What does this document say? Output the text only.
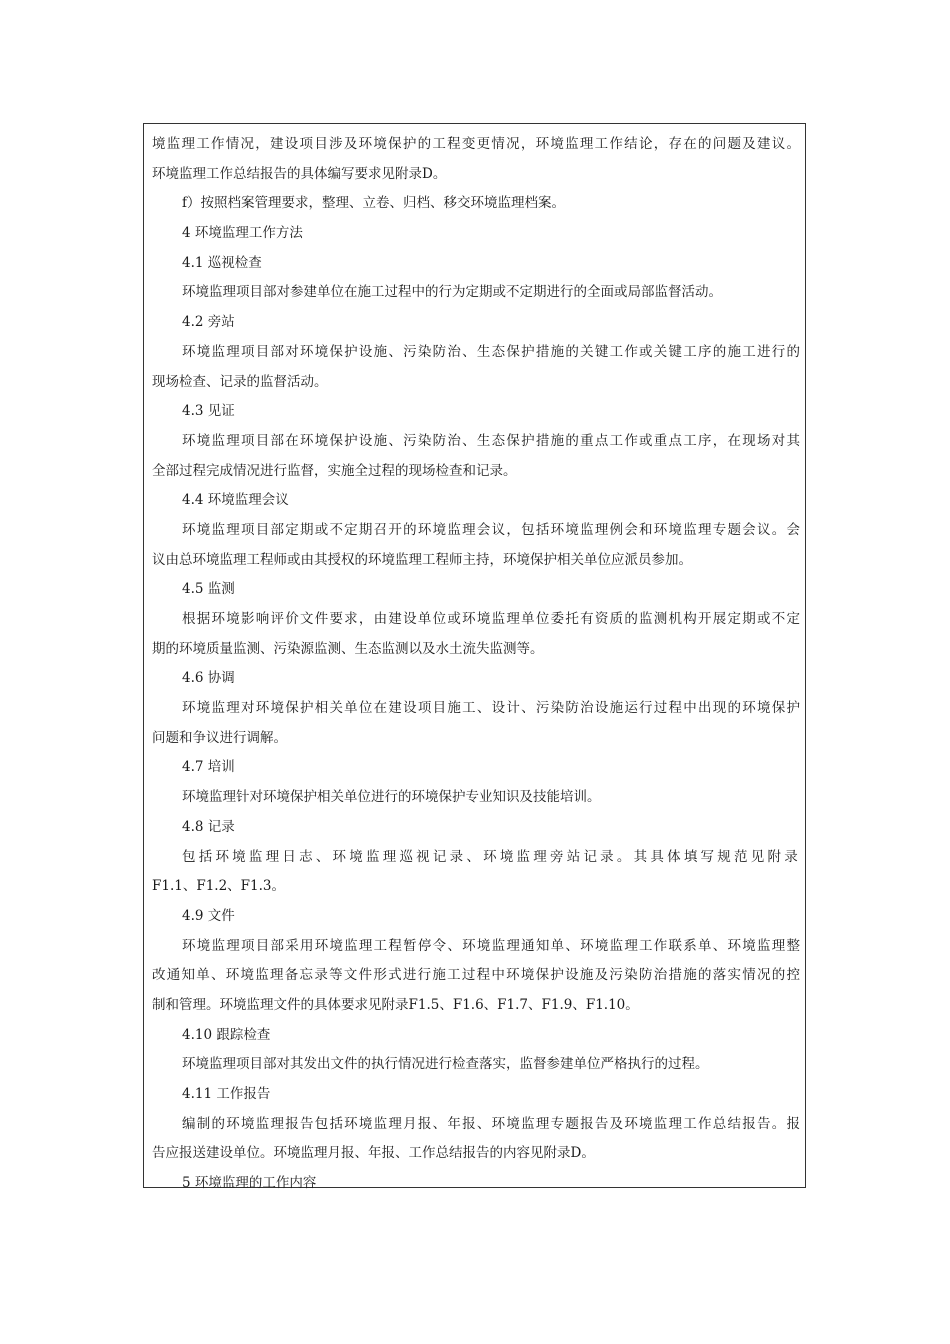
境监理工作情况，建设项目涉及环境保护的工程变更情况，环境监理工作结论，存在的问题及建议。
环境监理工作总结报告的具体编写要求见附录D。
f）按照档案管理要求，整理、立卷、归档、移交环境监理档案。
4 环境监理工作方法
4.1 巡视检查
环境监理项目部对参建单位在施工过程中的行为定期或不定期进行的全面或局部监督活动。
4.2 旁站
环境监理项目部对环境保护设施、污染防治、生态保护措施的关键工作或关键工序的施工进行的
现场检查、记录的监督活动。
4.3 见证
环境监理项目部在环境保护设施、污染防治、生态保护措施的重点工作或重点工序，在现场对其
全部过程完成情况进行监督，实施全过程的现场检查和记录。
4.4 环境监理会议
环境监理项目部定期或不定期召开的环境监理会议，包括环境监理例会和环境监理专题会议。会
议由总环境监理工程师或由其授权的环境监理工程师主持，环境保护相关单位应派员参加。
4.5 监测
根据环境影响评价文件要求，由建设单位或环境监理单位委托有资质的监测机构开展定期或不定
期的环境质量监测、污染源监测、生态监测以及水土流失监测等。
4.6 协调
环境监理对环境保护相关单位在建设项目施工、设计、污染防治设施运行过程中出现的环境保护
问题和争议进行调解。
4.7 培训
环境监理针对环境保护相关单位进行的环境保护专业知识及技能培训。
4.8 记录
包括环境监理日志、环境监理巡视记录、环境监理旁站记录。其具体填写规范见附录
F1.1、F1.2、F1.3。
4.9 文件
环境监理项目部采用环境监理工程暂停令、环境监理通知单、环境监理工作联系单、环境监理整
改通知单、环境监理备忘录等文件形式进行施工过程中环境保护设施及污染防治措施的落实情况的控
制和管理。环境监理文件的具体要求见附录F1.5、F1.6、F1.7、F1.9、F1.10。
4.10 跟踪检查
环境监理项目部对其发出文件的执行情况进行检查落实，监督参建单位严格执行的过程。
4.11 工作报告
编制的环境监理报告包括环境监理月报、年报、环境监理专题报告及环境监理工作总结报告。报
告应报送建设单位。环境监理月报、年报、工作总结报告的内容见附录D。
5 环境监理的工作内容
